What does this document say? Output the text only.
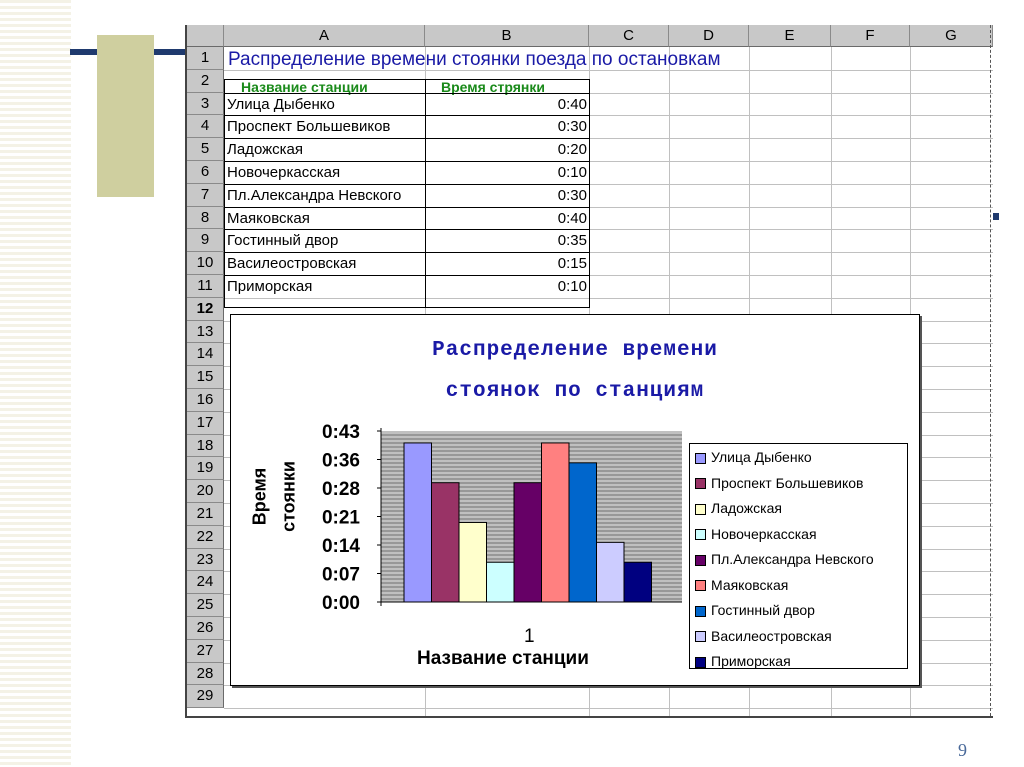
A	B	C	D	E	F	G
1
2
3
4
5
6
7
8
9
10
11
12
13
14
15
16
17
18
19
20
21
22
23
24
25
26
27
28
29
Распределение времени стоянки поезда по остановкам
Название станции	Время стрянки
Улица Дыбенко	0:40
Проспект Большевиков	0:30
Ладожская	0:20
Новочеркасская	0:10
Пл.Александра Невского	0:30
Маяковская	0:40
Гостинный двор	0:35
Василеостровская	0:15
Приморская	0:10
Распределение времени
стоянок по станциям
0:00
0:07
0:14
0:21
0:28
0:36
0:43
Время стоянки
1
Название станции
Улица Дыбенко
Проспект Большевиков
Ладожская
Новочеркасская
Пл.Александра Невского
Маяковская
Гостинный двор
Василеостровская
Приморская
9
